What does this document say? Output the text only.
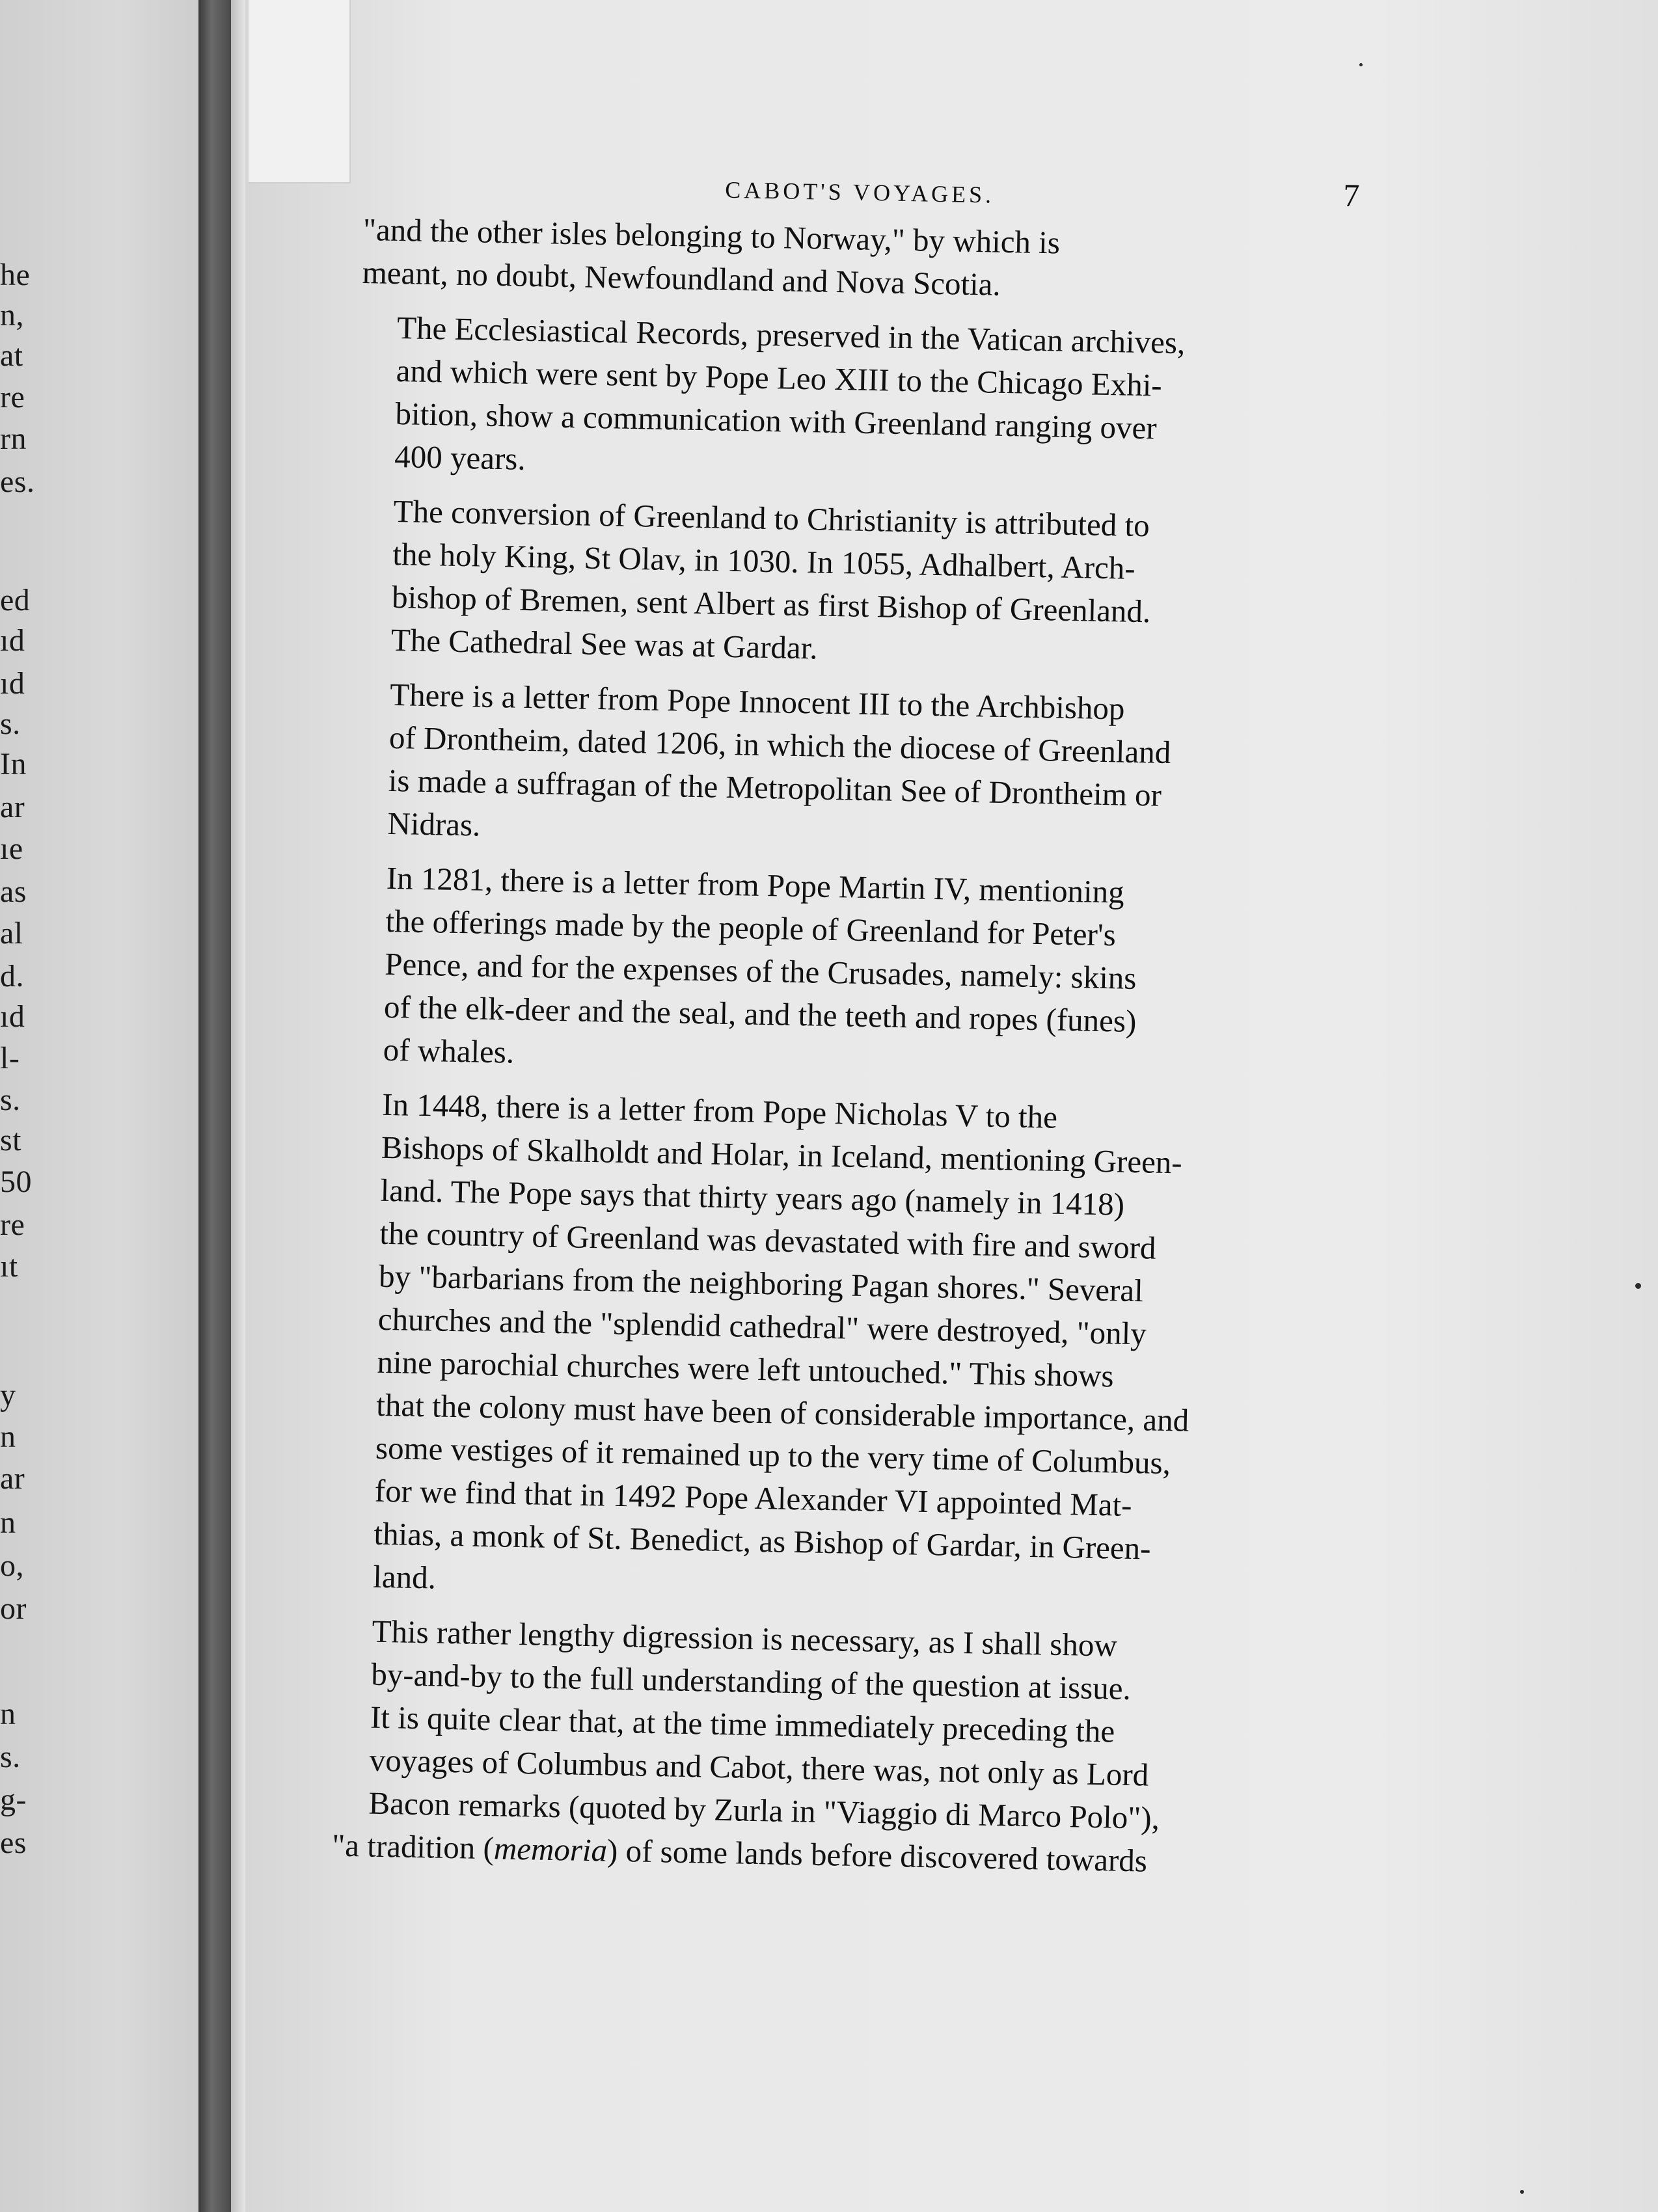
he
n,
at
re
rn
es.
ed
ıd
ıd
s.
In
ar
ıe
as
al
d.
ıd
l-
s.
st
50
re
ıt
y
n
ar
n
o,
or
n
s.
g-
es
CABOT'S VOYAGES.	7

"and the other isles belonging to Norway," by which is
meant, no doubt, Newfoundland and Nova Scotia.

The Ecclesiastical Records, preserved in the Vatican archives,
and which were sent by Pope Leo XIII to the Chicago Exhi-
bition, show a communication with Greenland ranging over
400 years.

The conversion of Greenland to Christianity is attributed to
the holy King, St Olav, in 1030. In 1055, Adhalbert, Arch-
bishop of Bremen, sent Albert as first Bishop of Greenland.
The Cathedral See was at Gardar.

There is a letter from Pope Innocent III to the Archbishop
of Drontheim, dated 1206, in which the diocese of Greenland
is made a suffragan of the Metropolitan See of Drontheim or
Nidras.

In 1281, there is a letter from Pope Martin IV, mentioning
the offerings made by the people of Greenland for Peter's
Pence, and for the expenses of the Crusades, namely: skins
of the elk-deer and the seal, and the teeth and ropes (funes)
of whales.

In 1448, there is a letter from Pope Nicholas V to the
Bishops of Skalholdt and Holar, in Iceland, mentioning Green-
land. The Pope says that thirty years ago (namely in 1418)
the country of Greenland was devastated with fire and sword
by "barbarians from the neighboring Pagan shores." Several
churches and the "splendid cathedral" were destroyed, "only
nine parochial churches were left untouched." This shows
that the colony must have been of considerable importance, and
some vestiges of it remained up to the very time of Columbus,
for we find that in 1492 Pope Alexander VI appointed Mat-
thias, a monk of St. Benedict, as Bishop of Gardar, in Green-
land.

This rather lengthy digression is necessary, as I shall show
by-and-by to the full understanding of the question at issue.
It is quite clear that, at the time immediately preceding the
voyages of Columbus and Cabot, there was, not only as Lord
Bacon remarks (quoted by Zurla in "Viaggio di Marco Polo"),

"a tradition (memoria) of some lands before discovered towards
